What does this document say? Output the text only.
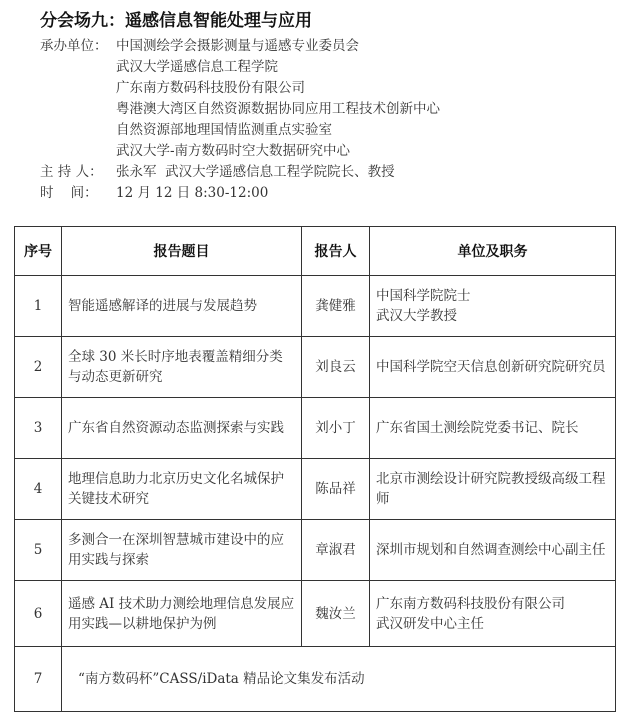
分会场九：遥感信息智能处理与应用
承办单位： 中国测绘学会摄影测量与遥感专业委员会
武汉大学遥感信息工程学院
广东南方数码科技股份有限公司
粤港澳大湾区自然资源数据协同应用工程技术创新中心
自然资源部地理国情监测重点实验室
武汉大学-南方数码时空大数据研究中心
主 持 人： 张永军  武汉大学遥感信息工程学院院长、教授
时    间：	12 月 12 日 8:30-12:00
序号	报告题目	报告人	单位及职务
1	智能遥感解译的进展与发展趋势	龚健雅	中国科学院院士
武汉大学教授
2	全球 30 米长时序地表覆盖精细分类与动态更新研究	刘良云	中国科学院空天信息创新研究院研究员
3	广东省自然资源动态监测探索与实践	刘小丁	广东省国土测绘院党委书记、院长
4	地理信息助力北京历史文化名城保护关键技术研究	陈品祥	北京市测绘设计研究院教授级高级工程师
5	多测合一在深圳智慧城市建设中的应用实践与探索	章淑君	深圳市规划和自然调查测绘中心副主任
6	遥感 AI 技术助力测绘地理信息发展应用实践—以耕地保护为例	魏汝兰	广东南方数码科技股份有限公司
武汉研发中心主任
7	“南方数码杯”CASS/iData 精品论文集发布活动		
